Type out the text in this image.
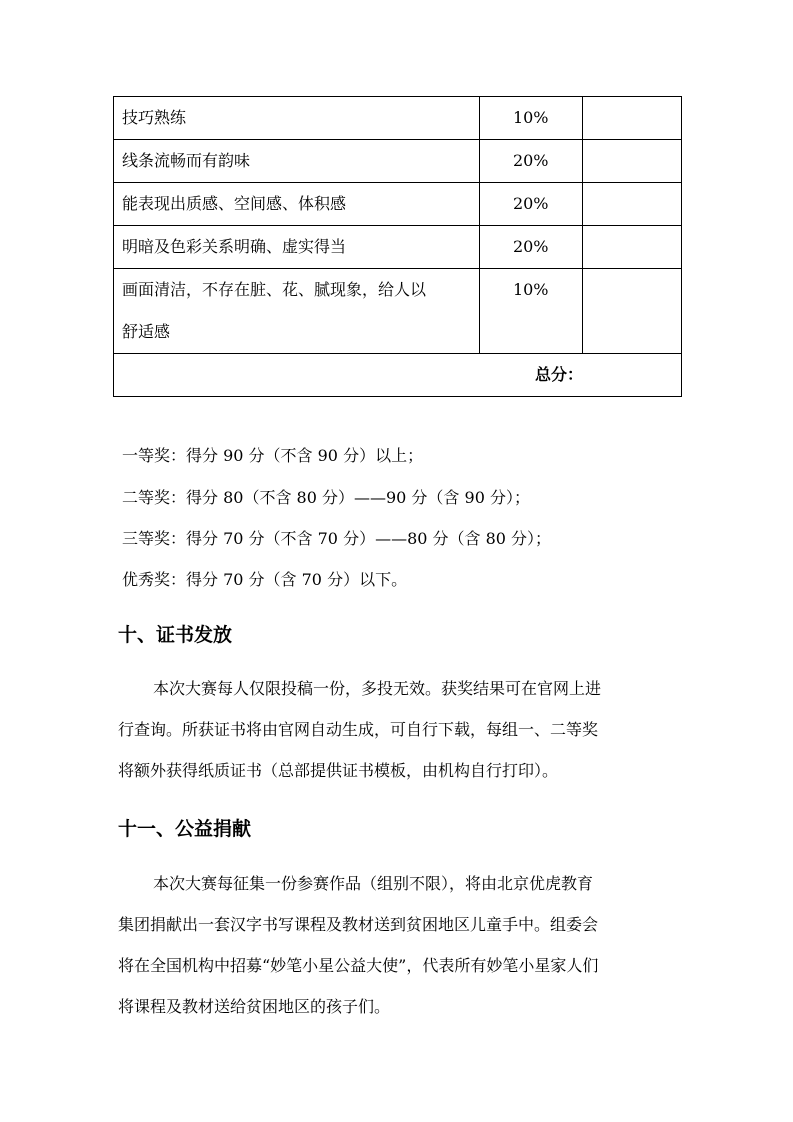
技巧熟练	10%	
线条流畅而有韵味	20%	
能表现出质感、空间感、体积感	20%	
明暗及色彩关系明确、虚实得当	20%	

画面清洁，不存在脏、花、腻现象，给人以
舒适感	10%	
总分：		
一等奖：得分 90 分（不含 90 分）以上；
二等奖：得分 80（不含 80 分）——90 分（含 90 分）；
三等奖：得分 70 分（不含 70 分）——80 分（含 80 分）；
优秀奖：得分 70 分（含 70 分）以下。
十、证书发放
本次大赛每人仅限投稿一份，多投无效。获奖结果可在官网上进
行查询。所获证书将由官网自动生成，可自行下载，每组一、二等奖
将额外获得纸质证书（总部提供证书模板，由机构自行打印）。
十一、公益捐献
本次大赛每征集一份参赛作品（组别不限），将由北京优虎教育
集团捐献出一套汉字书写课程及教材送到贫困地区儿童手中。组委会
将在全国机构中招募“妙笔小星公益大使”，代表所有妙笔小星家人们
将课程及教材送给贫困地区的孩子们。
